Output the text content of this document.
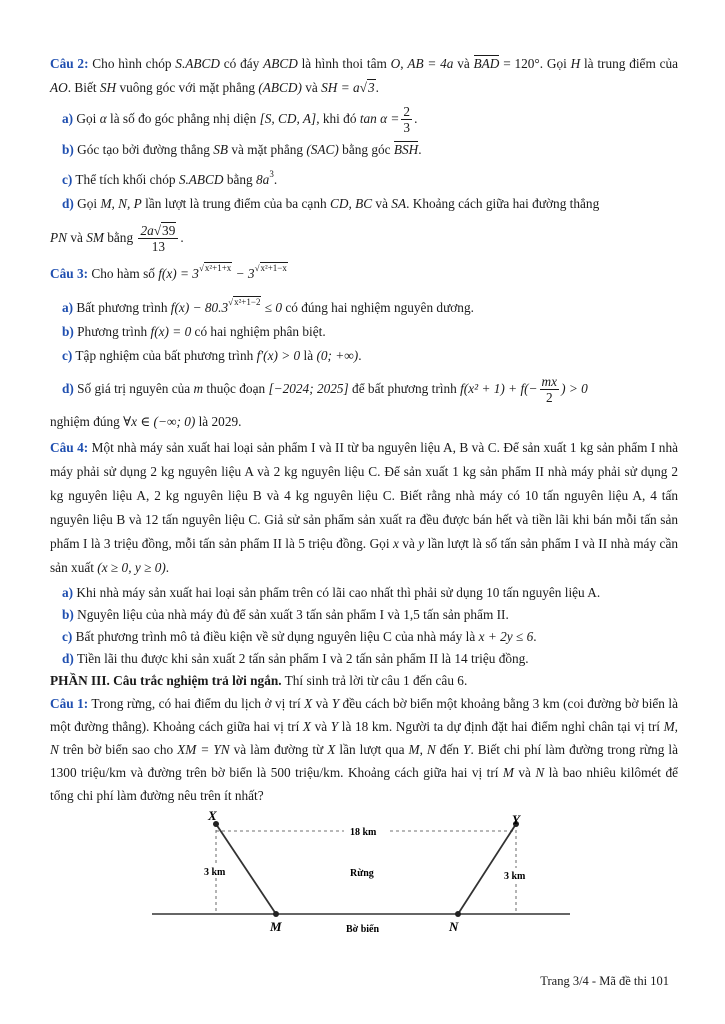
Câu 2: Cho hình chóp S.ABCD có đáy ABCD là hình thoi tâm O, AB = 4a và BAD = 120°. Gọi H là trung điểm của AO. Biết SH vuông góc với mặt phẳng (ABCD) và SH = a√3.
a) Gọi α là số đo góc phẳng nhị diện [S, CD, A], khi đó $\tan \alpha = \frac{2}{3}$ .
b) Góc tạo bởi đường thẳng SB và mặt phẳng (SAC) bằng góc BSH.
c) Thể tích khối chóp S.ABCD bằng $8a^3$.
d) Gọi M, N, P lần lượt là trung điểm của ba cạnh CD, BC và SA. Khoảng cách giữa hai đường thẳng
PN và SM bằng $\frac{2a√39}{13}$ .
Câu 3: Cho hàm số $f(x) = 3^{√x^2+1+x} - 3^{√x^2+1-x}$
a) Bất phương trình $f(x) - 80.3^{√x^2+1-2} \le 0$ có đúng hai nghiệm nguyên dương.
b) Phương trình f(x) = 0 có hai nghiệm phân biệt.
c) Tập nghiệm của bất phương trình f′(x) > 0 là (0; +∞).
d) Số giá trị nguyên của m thuộc đoạn [−2024; 2025] để bất phương trình $f(x^2 + 1) + f(- \frac{mx}{2}$ ) > 0
nghiệm đúng ∀x ∈ (−∞; 0) là 2029.
Câu 4: Một nhà máy sản xuất hai loại sản phẩm I và II từ ba nguyên liệu A, B và C. Để sản xuất 1 kg sản phẩm I nhà máy phải sử dụng 2 kg nguyên liệu A và 2 kg nguyên liệu C. Để sản xuất 1 kg sản phẩm II nhà máy phải sử dụng 2 kg nguyên liệu A, 2 kg nguyên liệu B và 4 kg nguyên liệu C. Biết rằng nhà máy có 10 tấn nguyên liệu A, 4 tấn nguyên liệu B và 12 tấn nguyên liệu C. Giả sử sản phẩm sản xuất ra đều được bán hết và tiền lãi khi bán mỗi tấn sản phẩm I là 3 triệu đồng, mỗi tấn sản phẩm II là 5 triệu đồng. Gọi x và y lần lượt là số tấn sản phẩm I và II nhà máy cần sản xuất (x ≥ 0, y ≥ 0).
a) Khi nhà máy sản xuất hai loại sản phẩm trên có lãi cao nhất thì phải sử dụng 10 tấn nguyên liệu A.
b) Nguyên liệu của nhà máy đủ để sản xuất 3 tấn sản phẩm I và 1,5 tấn sản phẩm II.
c) Bất phương trình mô tả điều kiện về sử dụng nguyên liệu C của nhà máy là x + 2y ≤ 6.
d) Tiền lãi thu được khi sản xuất 2 tấn sản phẩm I và 2 tấn sản phẩm II là 14 triệu đồng.
PHẦN III. Câu trắc nghiệm trả lời ngắn. Thí sinh trả lời từ câu 1 đến câu 6.
Câu 1: Trong rừng, có hai điểm du lịch ở vị trí X và Y đều cách bờ biển một khoảng bằng 3 km (coi đường bờ biển là một đường thẳng). Khoảng cách giữa hai vị trí X và Y là 18 km. Người ta dự định đặt hai điểm nghỉ chân tại vị trí M, N trên bờ biển sao cho XM = YN và làm đường từ X lần lượt qua M, N đến Y. Biết chi phí làm đường trong rừng là 1300 triệu/km và đường trên bờ biển là 500 triệu/km. Khoảng cách giữa hai vị trí M và N là bao nhiêu kilômét để tổng chi phí làm đường nêu trên ít nhất?
X	Y
M	N
18 km
3 km	3 km
Rừng
Bờ biển
Trang 3/4 - Mã đề thi 101
